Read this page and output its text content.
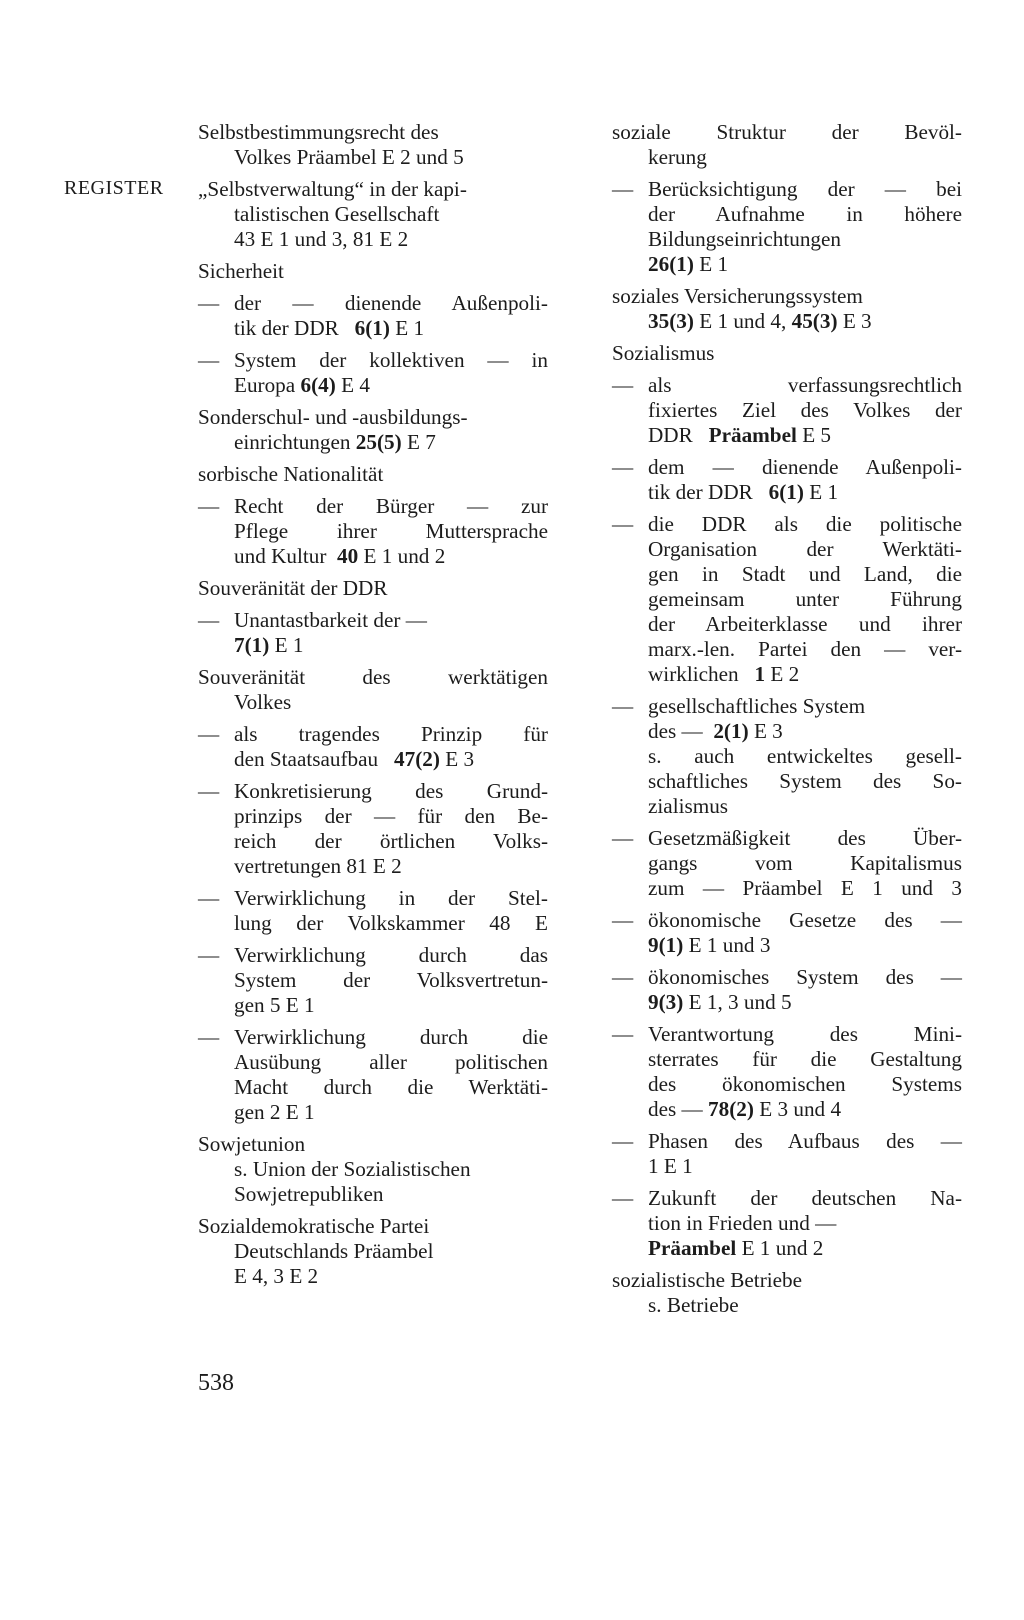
REGISTER
Selbstbestimmungsrecht des
Volkes Präambel E 2 und 5
„Selbstverwaltung“ in der kapi-
talistischen Gesellschaft
43 E 1 und 3, 81 E 2
Sicherheit
— der — dienende Außenpoli-
tik der DDR 6(1) E 1
— System der kollektiven — in
Europa 6(4) E 4
Sonderschul- und -ausbildungs-
einrichtungen 25(5) E 7
sorbische Nationalität
— Recht der Bürger — zur
Pflege ihrer Muttersprache
und Kultur 40 E 1 und 2
Souveränität der DDR
— Unantastbarkeit der —
7(1) E 1
Souveränität des werktätigen
Volkes
— als tragendes Prinzip für
den Staatsaufbau 47(2) E 3
— Konkretisierung des Grund-
prinzips der — für den Be-
reich der örtlichen Volks-
vertretungen 81 E 2
— Verwirklichung in der Stel-
lung der Volkskammer 48 E
— Verwirklichung durch das
System der Volksvertretun-
gen 5 E 1
— Verwirklichung durch die
Ausübung aller politischen
Macht durch die Werktäti-
gen 2 E 1
Sowjetunion
s. Union der Sozialistischen
Sowjetrepubliken
Sozialdemokratische Partei
Deutschlands Präambel
E 4, 3 E 2
soziale Struktur der Bevöl-
kerung
— Berücksichtigung der — bei
der Aufnahme in höhere
Bildungseinrichtungen
26(1) E 1
soziales Versicherungssystem
35(3) E 1 und 4, 45(3) E 3
Sozialismus
— als verfassungsrechtlich
fixiertes Ziel des Volkes der
DDR Präambel E 5
— dem — dienende Außenpoli-
tik der DDR 6(1) E 1
— die DDR als die politische
Organisation der Werktäti-
gen in Stadt und Land, die
gemeinsam unter Führung
der Arbeiterklasse und ihrer
marx.-len. Partei den — ver-
wirklichen 1 E 2
— gesellschaftliches System
des — 2(1) E 3
s. auch entwickeltes gesell-
schaftliches System des So-
zialismus
— Gesetzmäßigkeit des Über-
gangs vom Kapitalismus
zum — Präambel E 1 und 3
— ökonomische Gesetze des —
9(1) E 1 und 3
— ökonomisches System des —
9(3) E 1, 3 und 5
— Verantwortung des Mini-
sterrates für die Gestaltung
des ökonomischen Systems
des — 78(2) E 3 und 4
— Phasen des Aufbaus des —
1 E 1
— Zukunft der deutschen Na-
tion in Frieden und —
Präambel E 1 und 2
sozialistische Betriebe
s. Betriebe
538
